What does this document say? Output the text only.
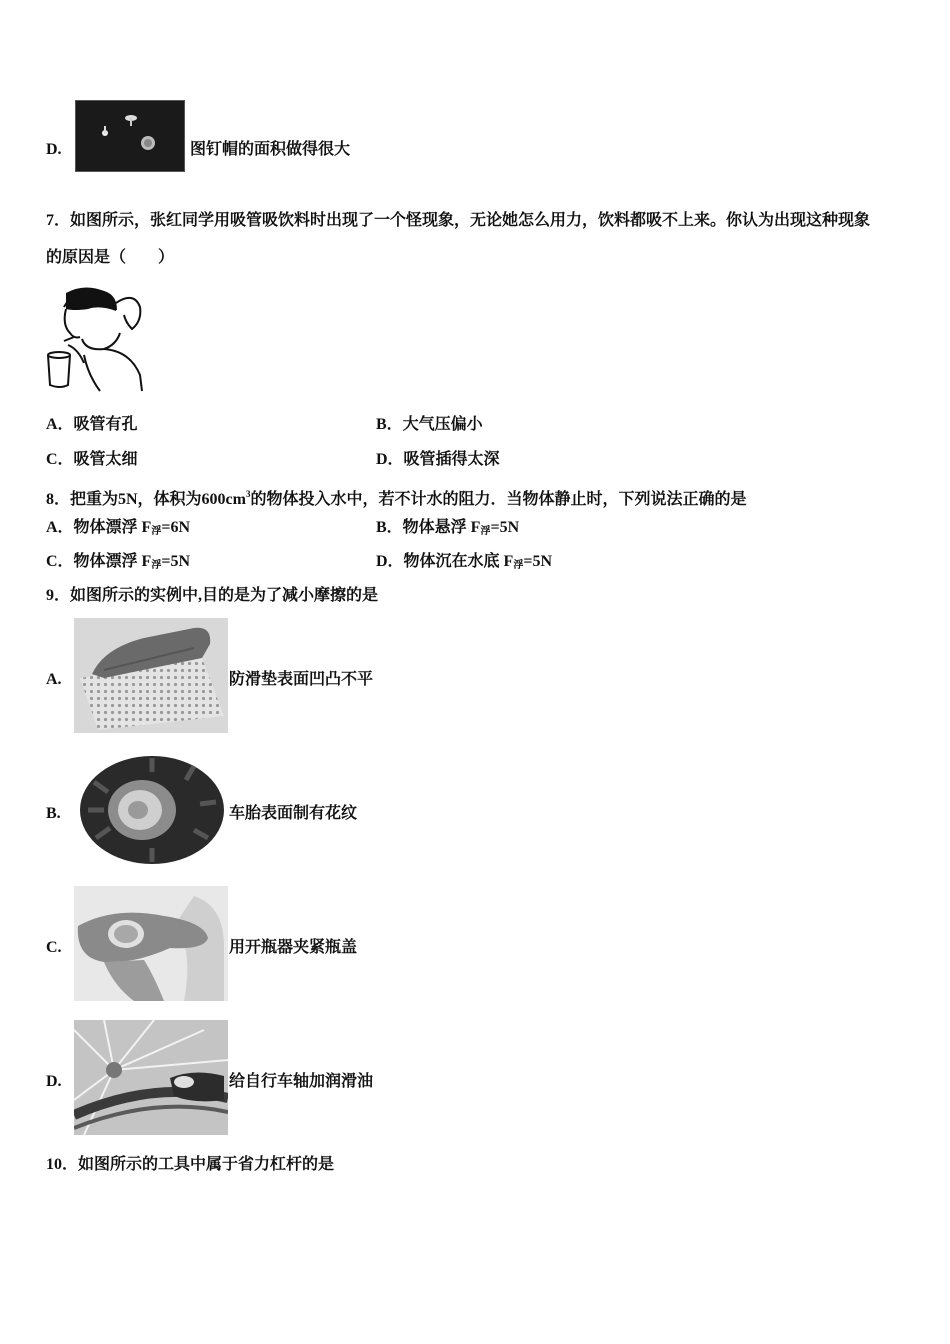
D.	图钉帽的面积做得很大
7．如图所示，张红同学用吸管吸饮料时出现了一个怪现象，无论她怎么用力，饮料都吸不上来。你认为出现这种现象
的原因是（　　）
A．吸管有孔	B．大气压偏小
C．吸管太细	D．吸管插得太深
8．把重为5N，体积为$600cm^3$的物体投入水中，若不计水的阻力．当物体静止时，下列说法正确的是
A．物体漂浮 $F_浮=6N$	B．物体悬浮 $F_浮=5N$
C．物体漂浮 $F_浮=5N$	D．物体沉在水底 $F_浮=5N$
9．如图所示的实例中,目的是为了减小摩擦的是
A.	防滑垫表面凹凸不平
B.	车胎表面制有花纹
C.	用开瓶器夹紧瓶盖
D.	给自行车轴加润滑油
10．如图所示的工具中属于省力杠杆的是
